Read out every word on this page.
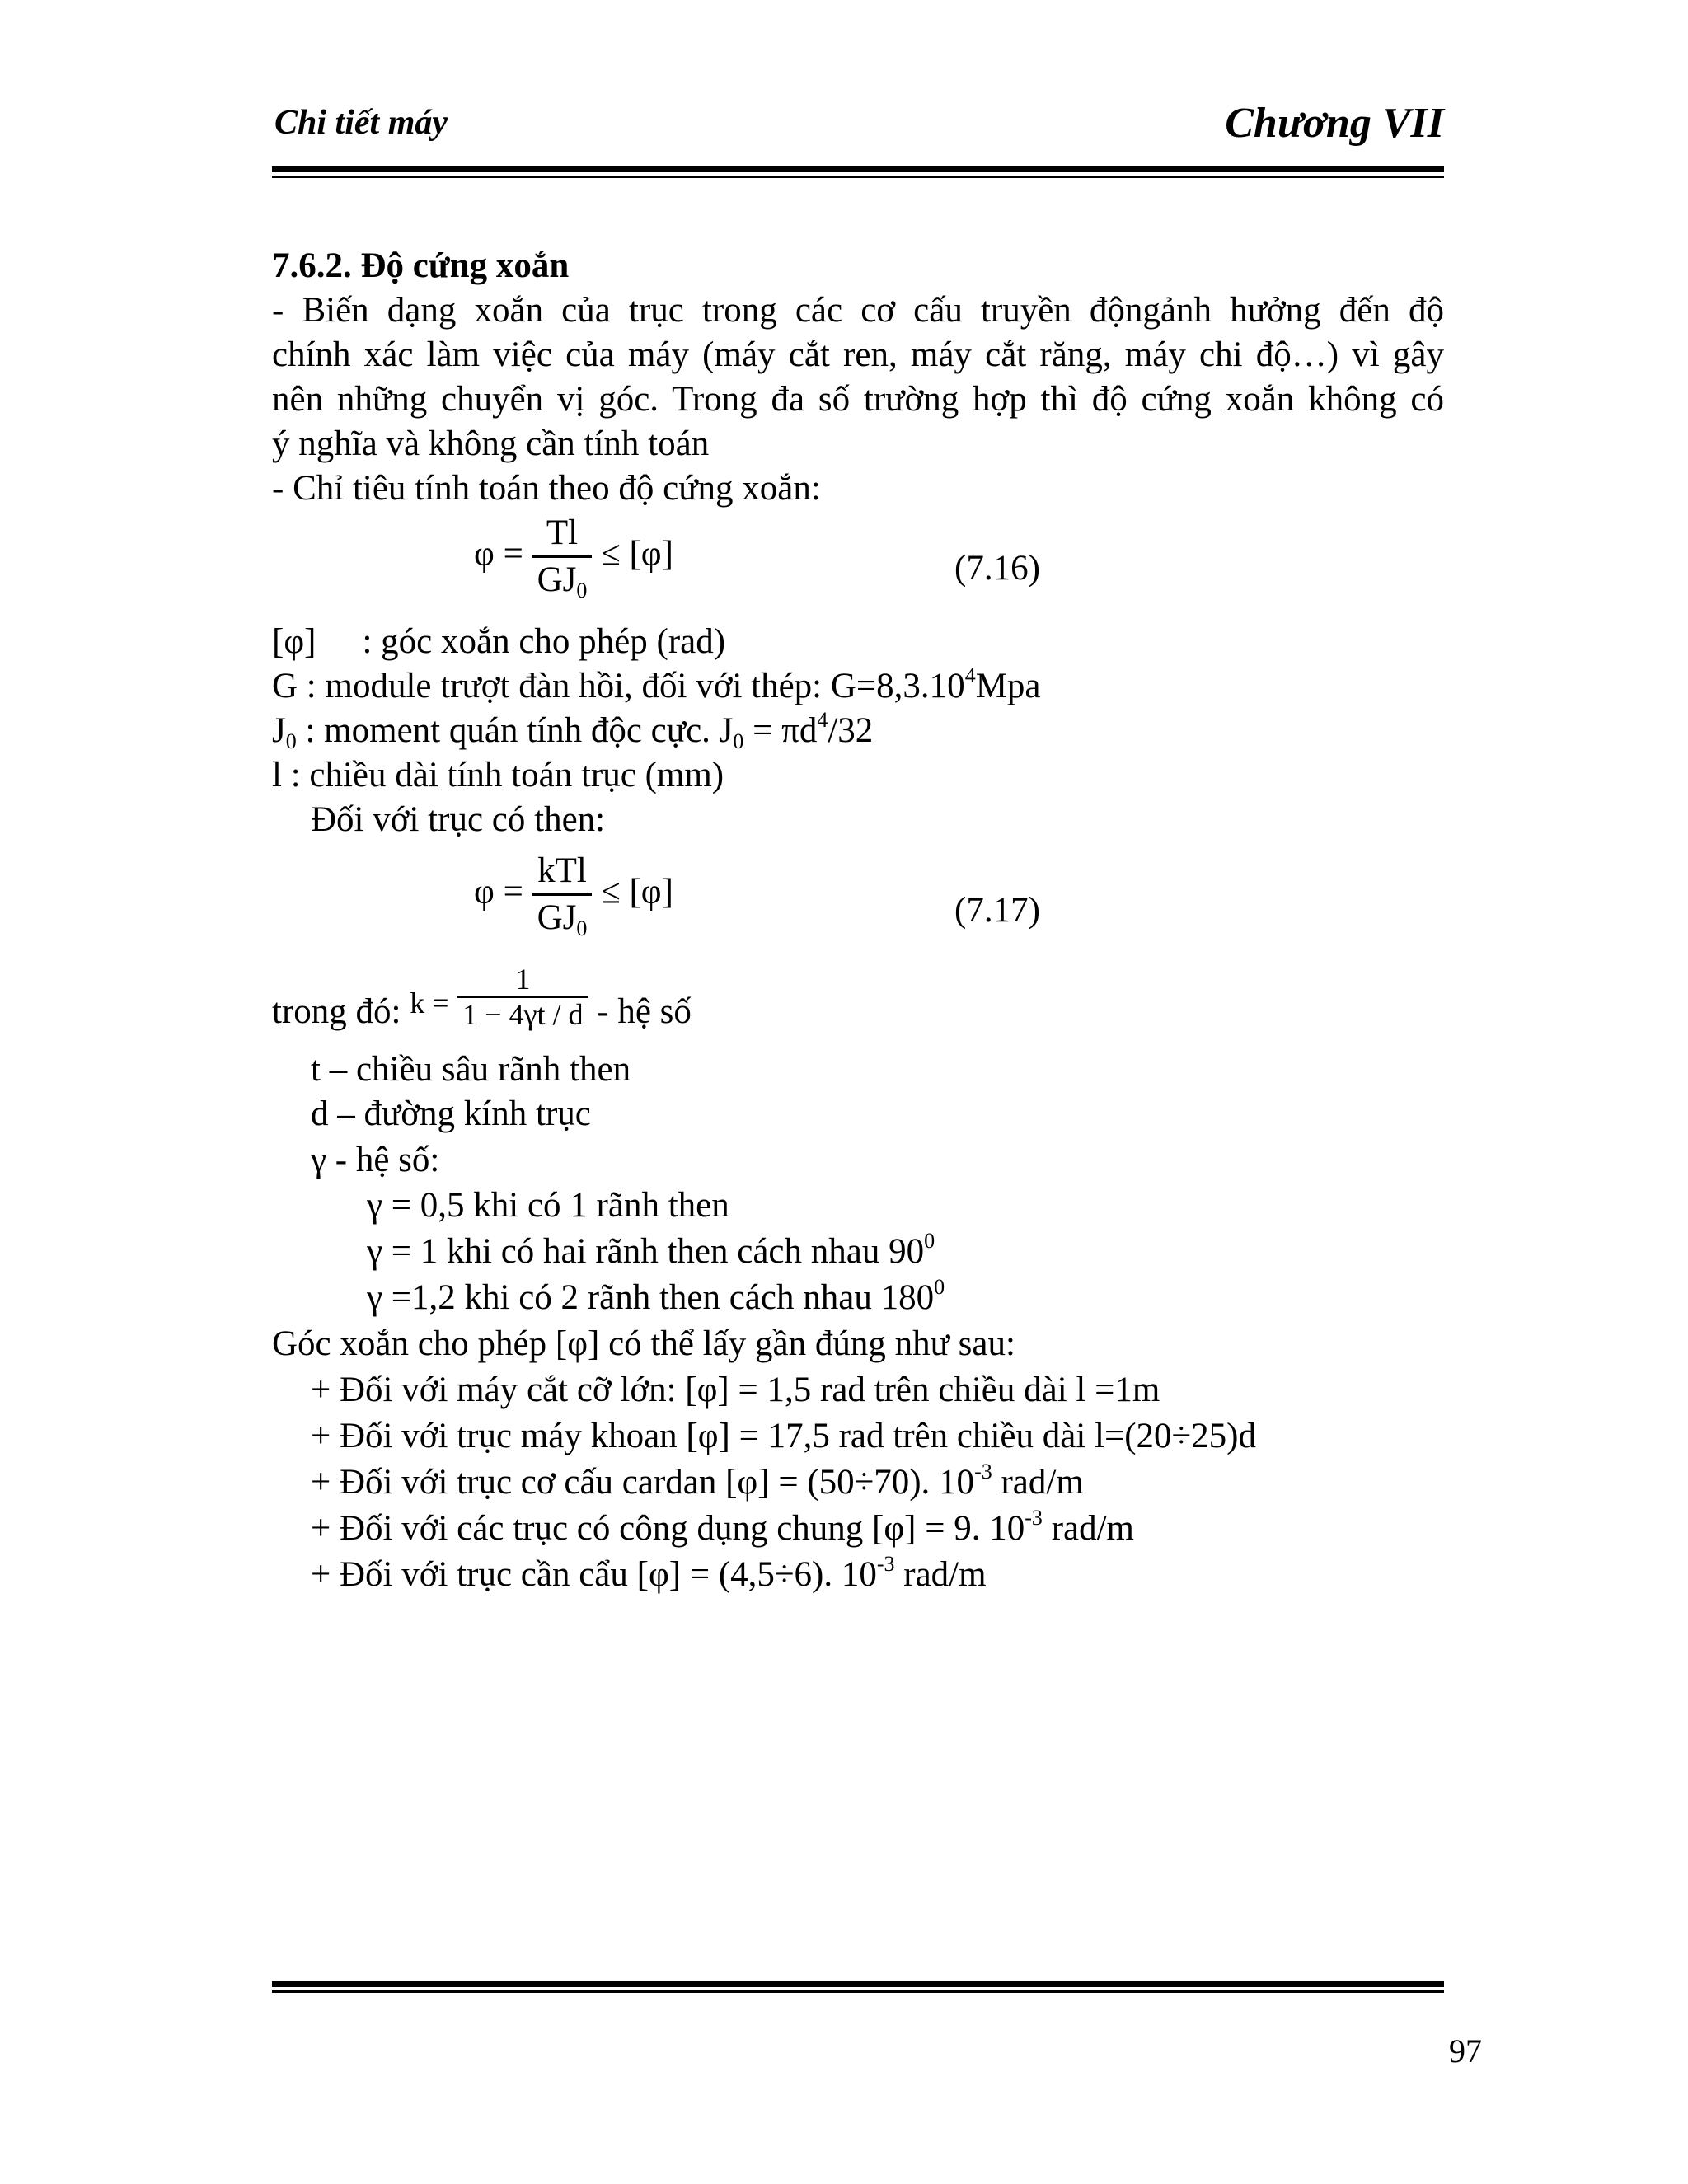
Chi tiết máy	Chương VII
7.6.2. Độ cứng xoắn
- Biến dạng xoắn của trục trong các cơ cấu truyền độngảnh hưởng đến độ
chính xác làm việc của máy (máy cắt ren, máy cắt răng, máy chi độ…) vì gây
nên những chuyển vị góc. Trong đa số trường hợp thì độ cứng xoắn không có
ý nghĩa và không cần tính toán
- Chỉ tiêu tính toán theo độ cứng xoắn:
$\varphi = \frac{Tl}{GJ_0} \le [\varphi]$	(7.16)
[φ] : góc xoắn cho phép (rad)
G : module trượt đàn hồi, đối với thép: $G=8,3.10^4Mpa$
$J_0$ : moment quán tính độc cực. $J_0 = \pi d^4/32$
l : chiều dài tính toán trục (mm)
Đối với trục có then:
$\varphi = \frac{\text{kTl}}{GJ_0} \le [\varphi]$	(7.17)
trong đó: $^{k =} \frac{1}{1 - 4\gamma t / d}$ - hệ số
t – chiều sâu rãnh then
d – đường kính trục
γ - hệ số:
γ = 0,5 khi có 1 rãnh then
γ = 1 khi có hai rãnh then cách nhau $90^0$
γ =1,2 khi có 2 rãnh then cách nhau $180^0$
Góc xoắn cho phép [φ] có thể lấy gần đúng như sau:
+ Đối với máy cắt cỡ lớn: [φ] = 1,5 rad trên chiều dài l =1m
+ Đối với trục máy khoan [φ] = 17,5 rad trên chiều dài l=(20÷25)d
+ Đối với trục cơ cấu cardan [φ] = (50÷70). $10^{-3}$ rad/m
+ Đối với các trục có công dụng chung [φ] = 9. $10^{-3}$ rad/m
+ Đối với trục cần cẩu [φ] = (4,5÷6). $10^{-3}$ rad/m
97
